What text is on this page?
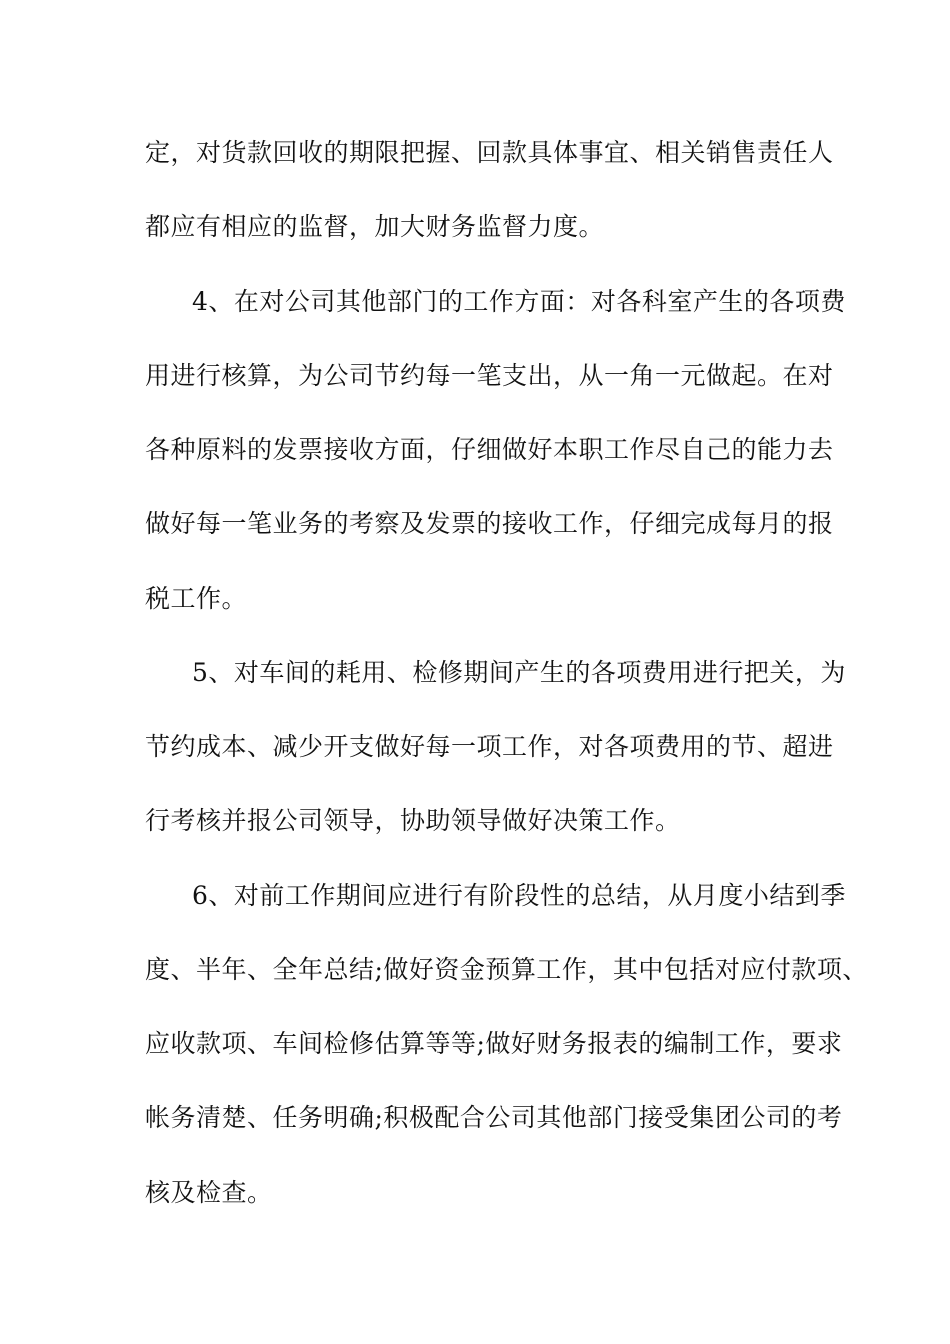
定，对货款回收的期限把握、回款具体事宜、相关销售责任人
都应有相应的监督，加大财务监督力度。
4、在对公司其他部门的工作方面：对各科室产生的各项费
用进行核算，为公司节约每一笔支出，从一角一元做起。在对
各种原料的发票接收方面，仔细做好本职工作尽自己的能力去
做好每一笔业务的考察及发票的接收工作，仔细完成每月的报
税工作。
5、对车间的耗用、检修期间产生的各项费用进行把关，为
节约成本、减少开支做好每一项工作，对各项费用的节、超进
行考核并报公司领导，协助领导做好决策工作。
6、对前工作期间应进行有阶段性的总结，从月度小结到季
度、半年、全年总结;做好资金预算工作，其中包括对应付款项、
应收款项、车间检修估算等等;做好财务报表的编制工作，要求
帐务清楚、任务明确;积极配合公司其他部门接受集团公司的考
核及检查。
